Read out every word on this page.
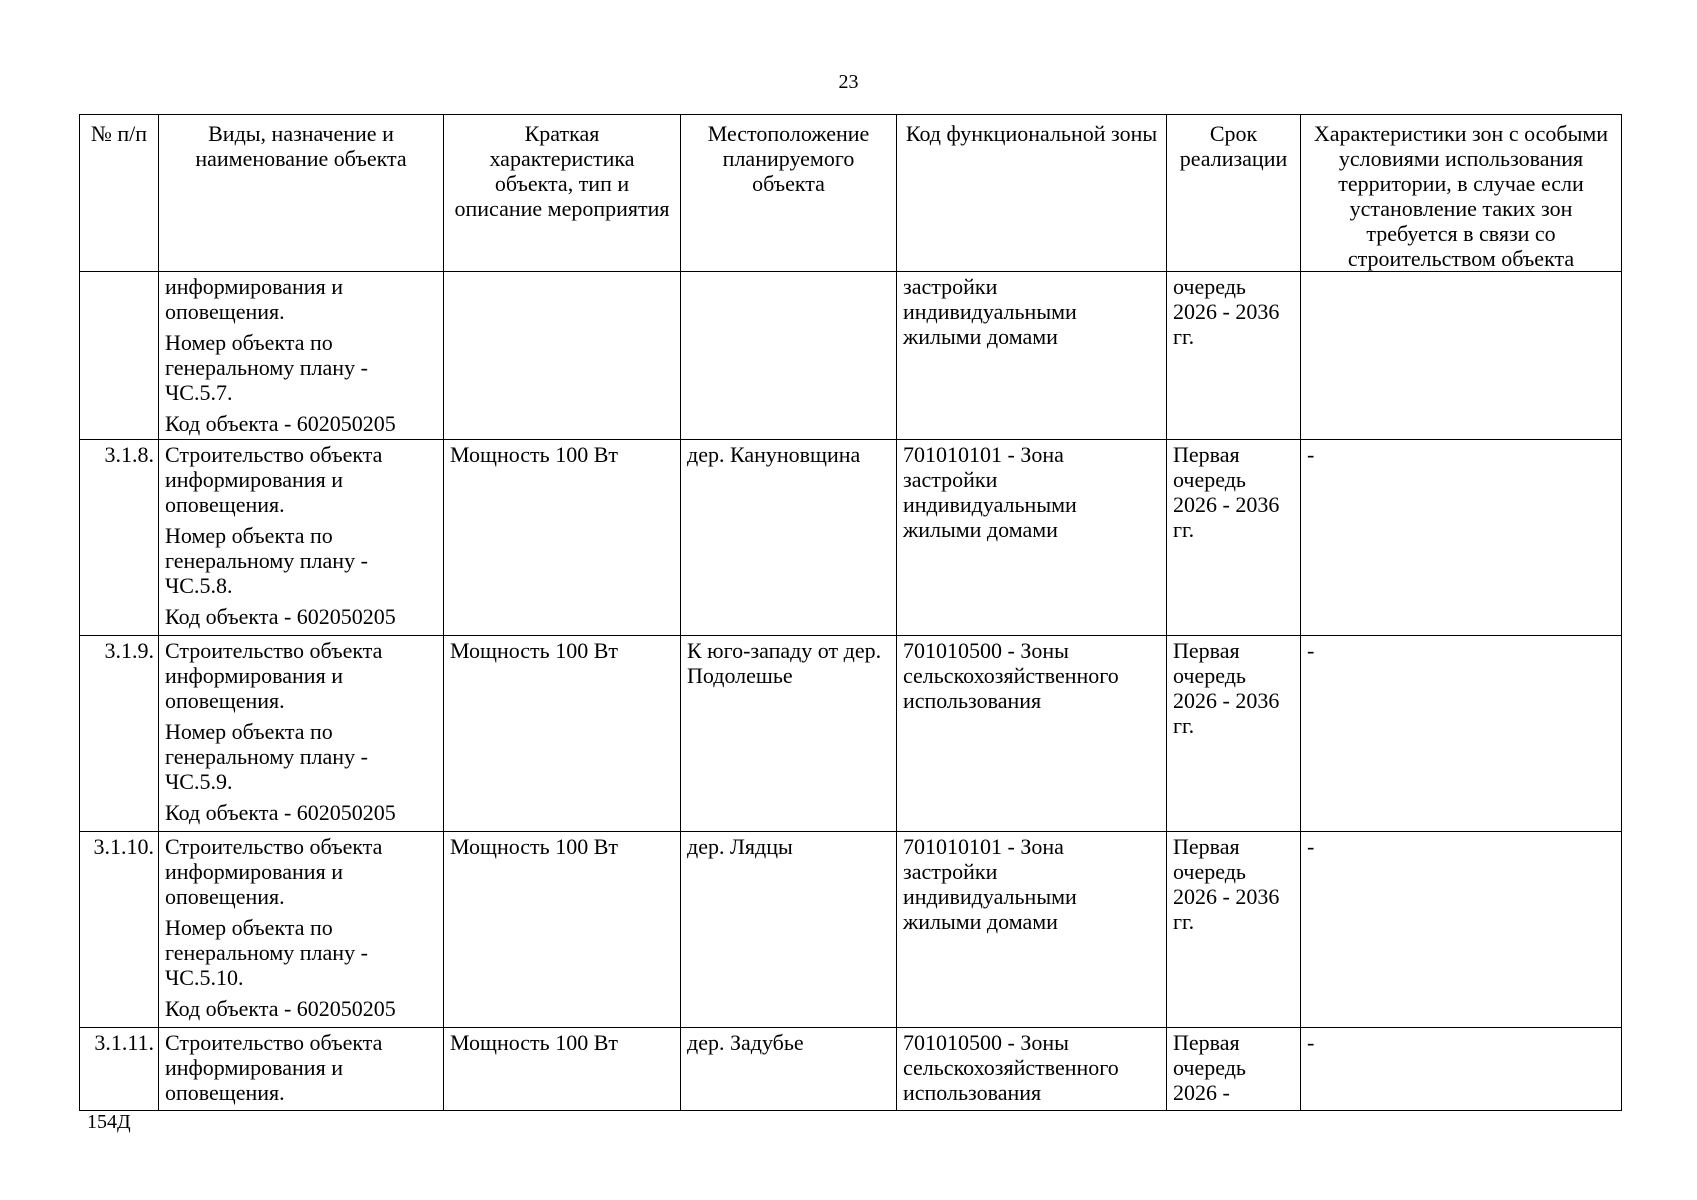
23
№ п/п	Виды, назначение и наименование объекта	Краткая характеристика объекта, тип и описание мероприятия	Местоположение планируемого объекта	Код функциональной зоны	Срок реализации	Характеристики зон с особыми условиями использования территории, в случае если установление таких зон требуется в связи со строительством объекта

	информирования и оповещения.
Номер объекта по генеральному плану - ЧС.5.7.
Код объекта - 602050205			застройки индивидуальными жилыми домами	очередь 2026 - 2036 гг.	
3.1.8.	Строительство объекта информирования и оповещения.
Номер объекта по генеральному плану - ЧС.5.8.
Код объекта - 602050205	Мощность 100 Вт	дер. Кануновщина	701010101 - Зона застройки индивидуальными жилыми домами	Первая очередь 2026 - 2036 гг.	-
3.1.9.	Строительство объекта информирования и оповещения.
Номер объекта по генеральному плану - ЧС.5.9.
Код объекта - 602050205	Мощность 100 Вт	К юго-западу от дер. Подолешье	701010500 - Зоны сельскохозяйственного использования	Первая очередь 2026 - 2036 гг.	-
3.1.10.	Строительство объекта информирования и оповещения.
Номер объекта по генеральному плану - ЧС.5.10.
Код объекта - 602050205	Мощность 100 Вт	дер. Лядцы	701010101 - Зона застройки индивидуальными жилыми домами	Первая очередь 2026 - 2036 гг.	-
3.1.11.	Строительство объекта информирования и оповещения.	Мощность 100 Вт	дер. Задубье	701010500 - Зоны сельскохозяйственного использования	Первая очередь 2026 -	-
154Д
